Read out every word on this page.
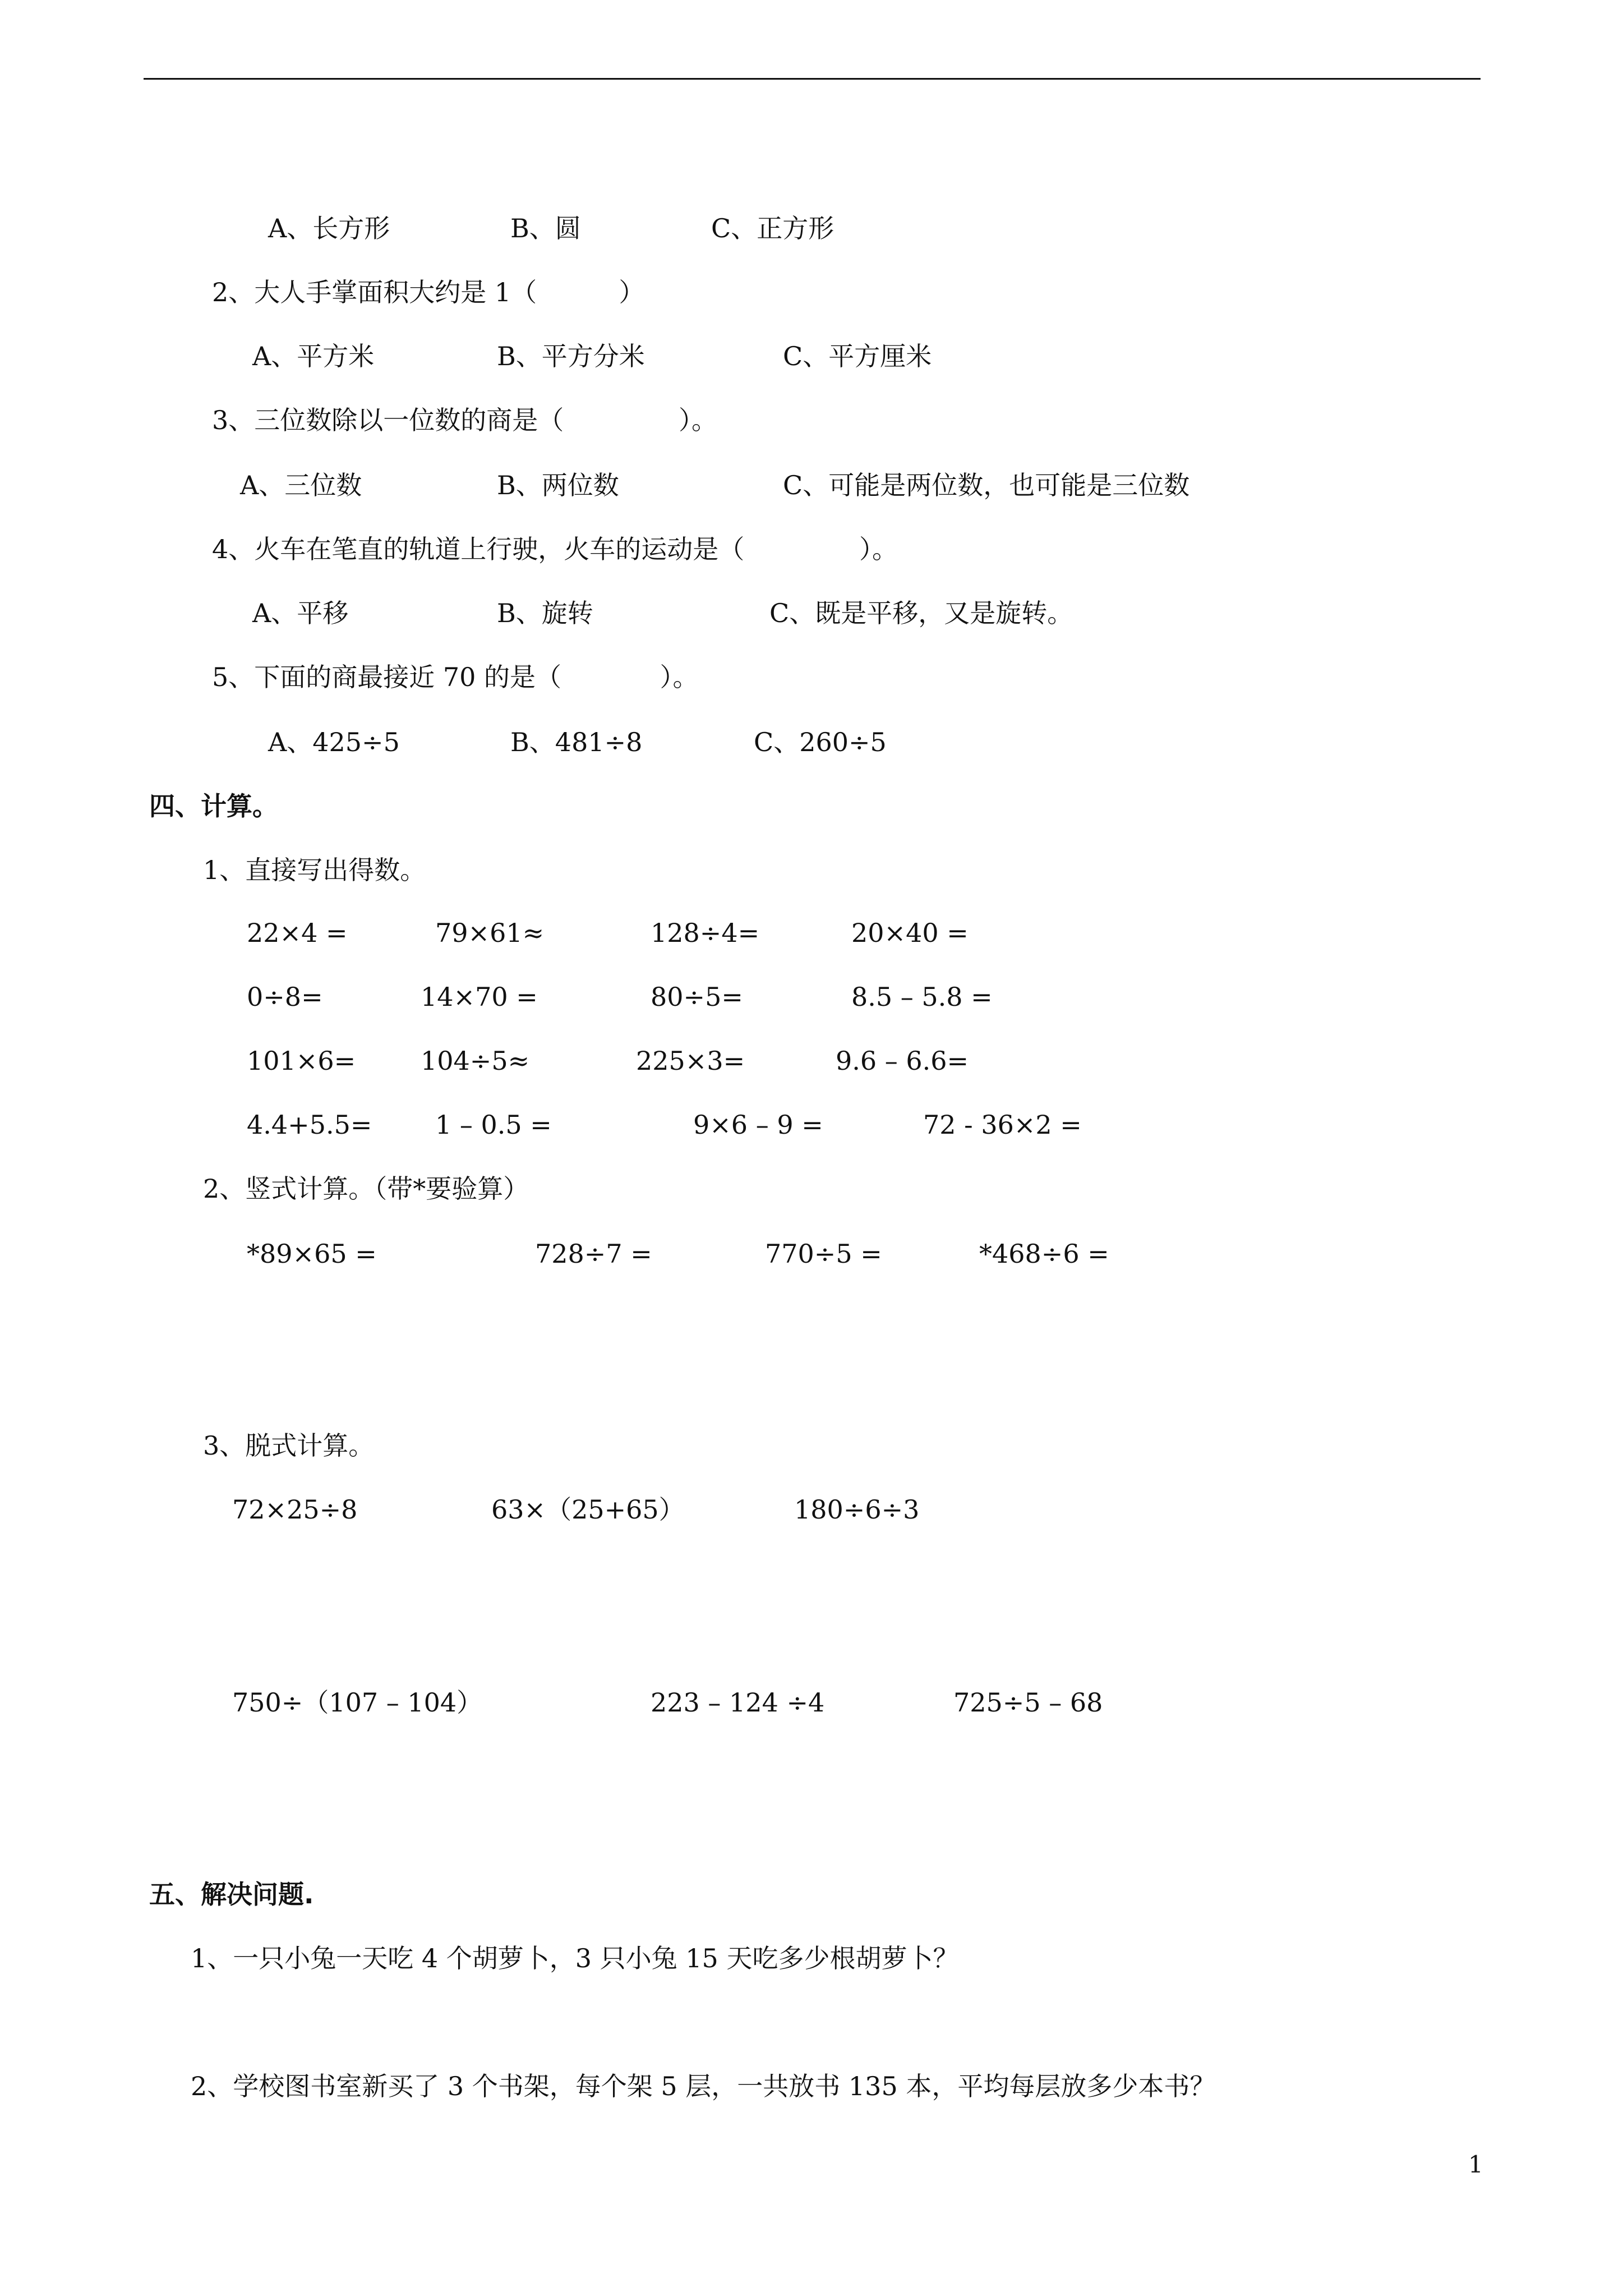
A、长方形	B、圆	C、正方形
2、大人手掌面积大约是 1（          ）
A、平方米	B、平方分米	C、平方厘米
3、三位数除以一位数的商是（              ）。
A、三位数	B、两位数	C、可能是两位数，也可能是三位数
4、火车在笔直的轨道上行驶，火车的运动是（              ）。
A、平移	B、旋转	C、既是平移，又是旋转。
5、下面的商最接近 70 的是（            ）。
A、425÷5	B、481÷8	C、260÷5
四、计算。
1、直接写出得数。
22×4 =	79×61≈	128÷4=	20×40 =
0÷8=	14×70 =	80÷5=	8.5 – 5.8 =
101×6=	104÷5≈	225×3=	9.6 – 6.6=
4.4+5.5= 1 – 0.5 =	9×6 – 9 =	72 - 36×2 =
2、竖式计算。（带*要验算）
*89×65 =	728÷7 =	770÷5 =	*468÷6 =
3、脱式计算。
72×25÷8	63×（25+65）	180÷6÷3
750÷（107 – 104）	223 – 124 ÷4	725÷5 – 68
五、解决问题.
1、一只小兔一天吃 4 个胡萝卜，3 只小兔 15 天吃多少根胡萝卜？
2、学校图书室新买了 3 个书架，每个架 5 层，一共放书 135 本，平均每层放多少本书？
1
